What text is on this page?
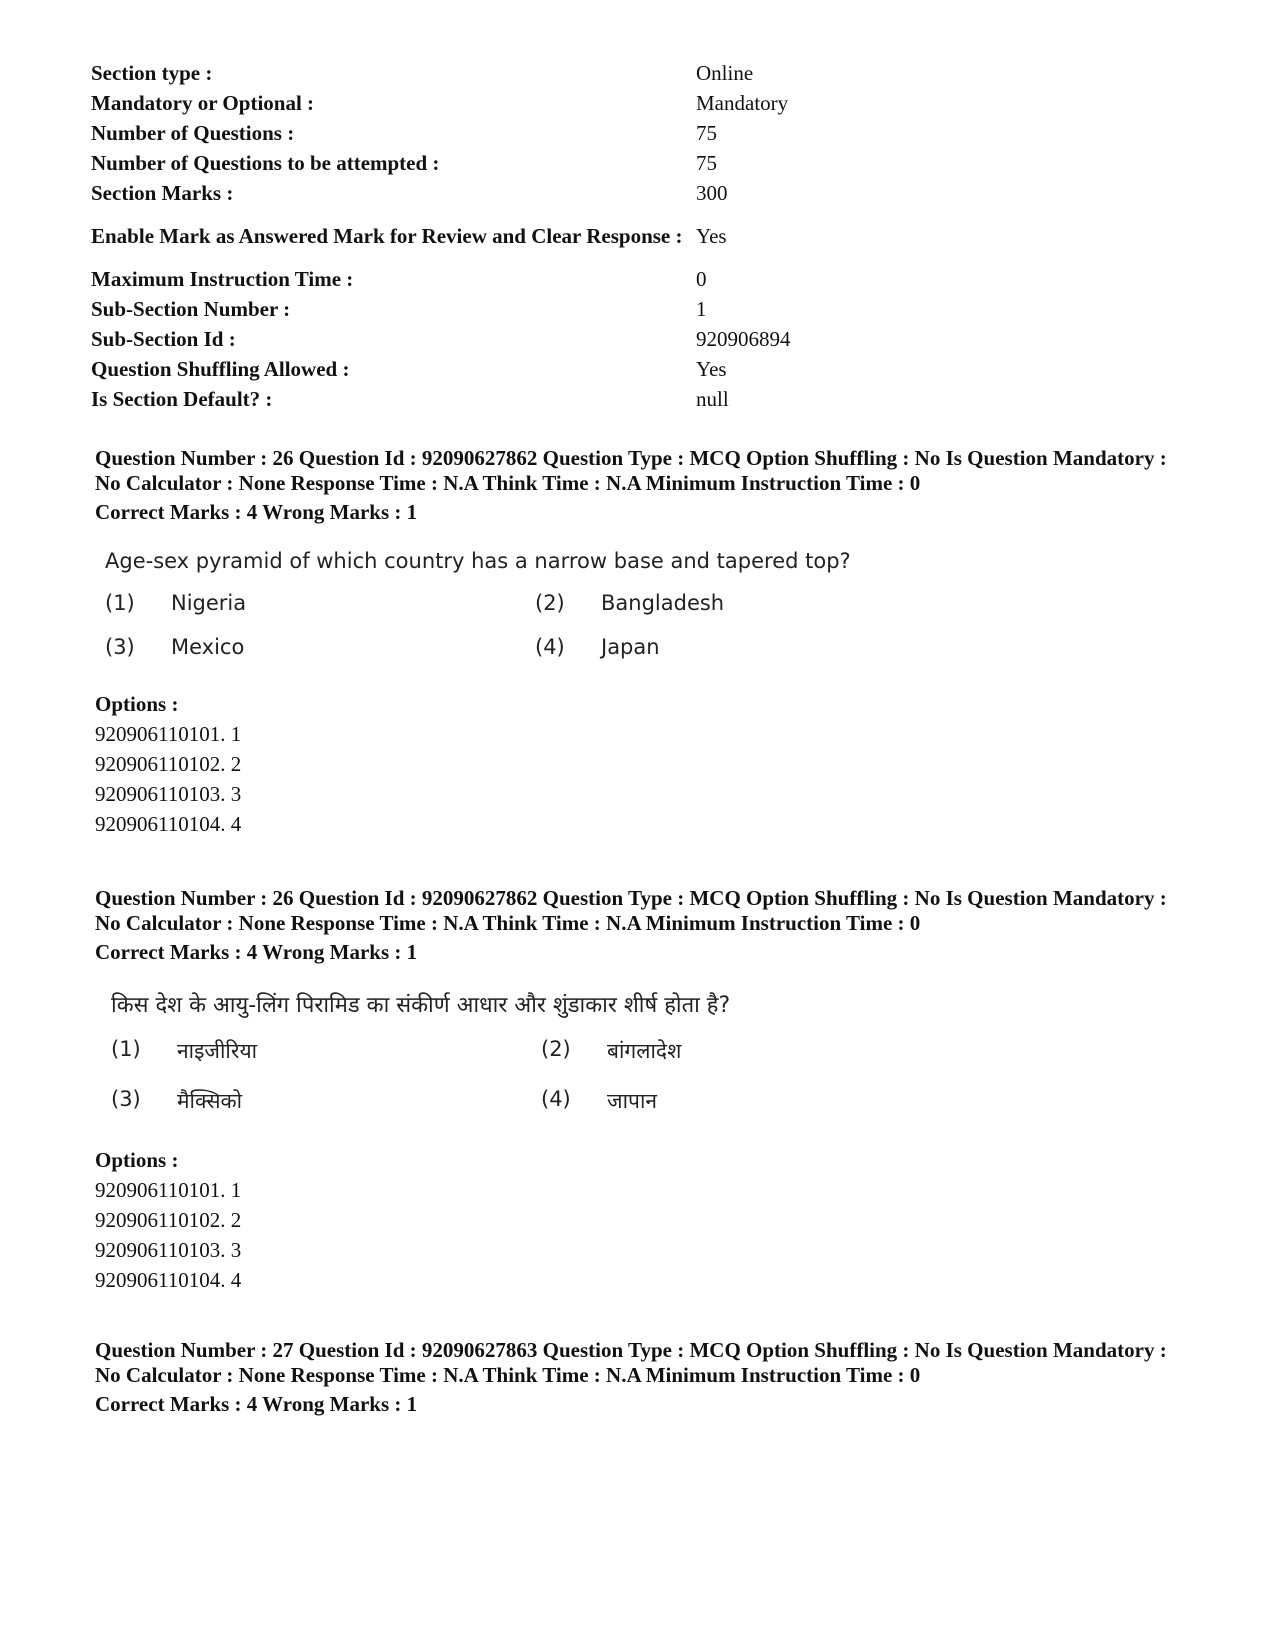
Section type :	Online
Mandatory or Optional :	Mandatory
Number of Questions :	75
Number of Questions to be attempted :	75
Section Marks :	300
Enable Mark as Answered Mark for Review and Clear Response : Yes
Maximum Instruction Time :	0
Sub-Section Number :	1
Sub-Section Id :	920906894
Question Shuffling Allowed :	Yes
Is Section Default? :	null
Question Number : 26 Question Id : 92090627862 Question Type : MCQ Option Shuffling : No Is Question Mandatory : No Calculator : None Response Time : N.A Think Time : N.A Minimum Instruction Time : 0
Correct Marks : 4 Wrong Marks : 1
Age-sex pyramid of which country has a narrow base and tapered top?
(1)	Nigeria	(2)	Bangladesh
(3)	Mexico	(4)	Japan
Options :
920906110101. 1
920906110102. 2
920906110103. 3
920906110104. 4
Question Number : 26 Question Id : 92090627862 Question Type : MCQ Option Shuffling : No Is Question Mandatory : No Calculator : None Response Time : N.A Think Time : N.A Minimum Instruction Time : 0
Correct Marks : 4 Wrong Marks : 1
किस देश के आयु-लिंग पिरामिड का संकीर्ण आधार और शुंडाकार शीर्ष होता है?
(1)	नाइजीरिया	(2)	बांगलादेश
(3)	मैक्सिको	(4)	जापान
Options :
920906110101. 1
920906110102. 2
920906110103. 3
920906110104. 4
Question Number : 27 Question Id : 92090627863 Question Type : MCQ Option Shuffling : No Is Question Mandatory : No Calculator : None Response Time : N.A Think Time : N.A Minimum Instruction Time : 0
Correct Marks : 4 Wrong Marks : 1
